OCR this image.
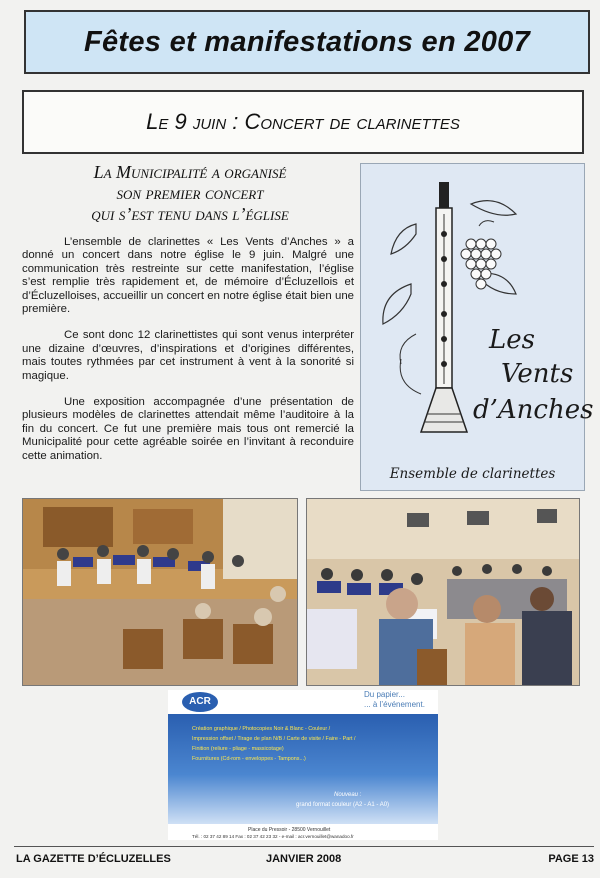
Fêtes et manifestations en 2007
Le 9 juin : Concert de clarinettes
La Municipalité a organisé
son premier concert
qui s’est tenu dans l’église

L’ensemble de clarinettes « Les Vents d’Anches » a donné un concert dans notre église le 9 juin. Malgré une communication très restreinte sur cette manifestation, l’église s’est remplie très rapidement et, de mémoire d’Écluzellois et d’Écluzelloises, accueillir un concert en notre église était bien une première.

Ce sont donc 12 clarinettistes qui sont venus interpréter une dizaine d’œuvres, d’inspirations et d’origines différentes, mais toutes rythmées par cet instrument à vent à la sonorité si magique.

Une exposition accompagnée d’une présentation de plusieurs modèles de clarinettes attendait même l’auditoire à la fin du concert. Ce fut une première mais tous ont remercié la Municipalité pour cette agréable soirée en l’invitant à reconduire cette animation.

Les
Vents
d’Anches
Ensemble de clarinettes
ACR
Du papier...
... à l’événement.
Création graphique / Photocopies Noir & Blanc - Couleur /
Impression offset / Tirage de plan N/B / Carte de visite / Faire - Part /
Finition (reliure - pliage - massicotage)
Fournitures (Cd-rom - enveloppes - Tampons...)
Nouveau :
grand format couleur (A2 - A1 - A0)
Place du Pressoir - 28500 Vernouillet
Tél. : 02 37 42 89 14 Fax : 02 37 42 23 32 - e-mail : acr.vernouillet@wanadoo.fr
LA GAZETTE D’ÉCLUZELLES	JANVIER 2008	PAGE 13
